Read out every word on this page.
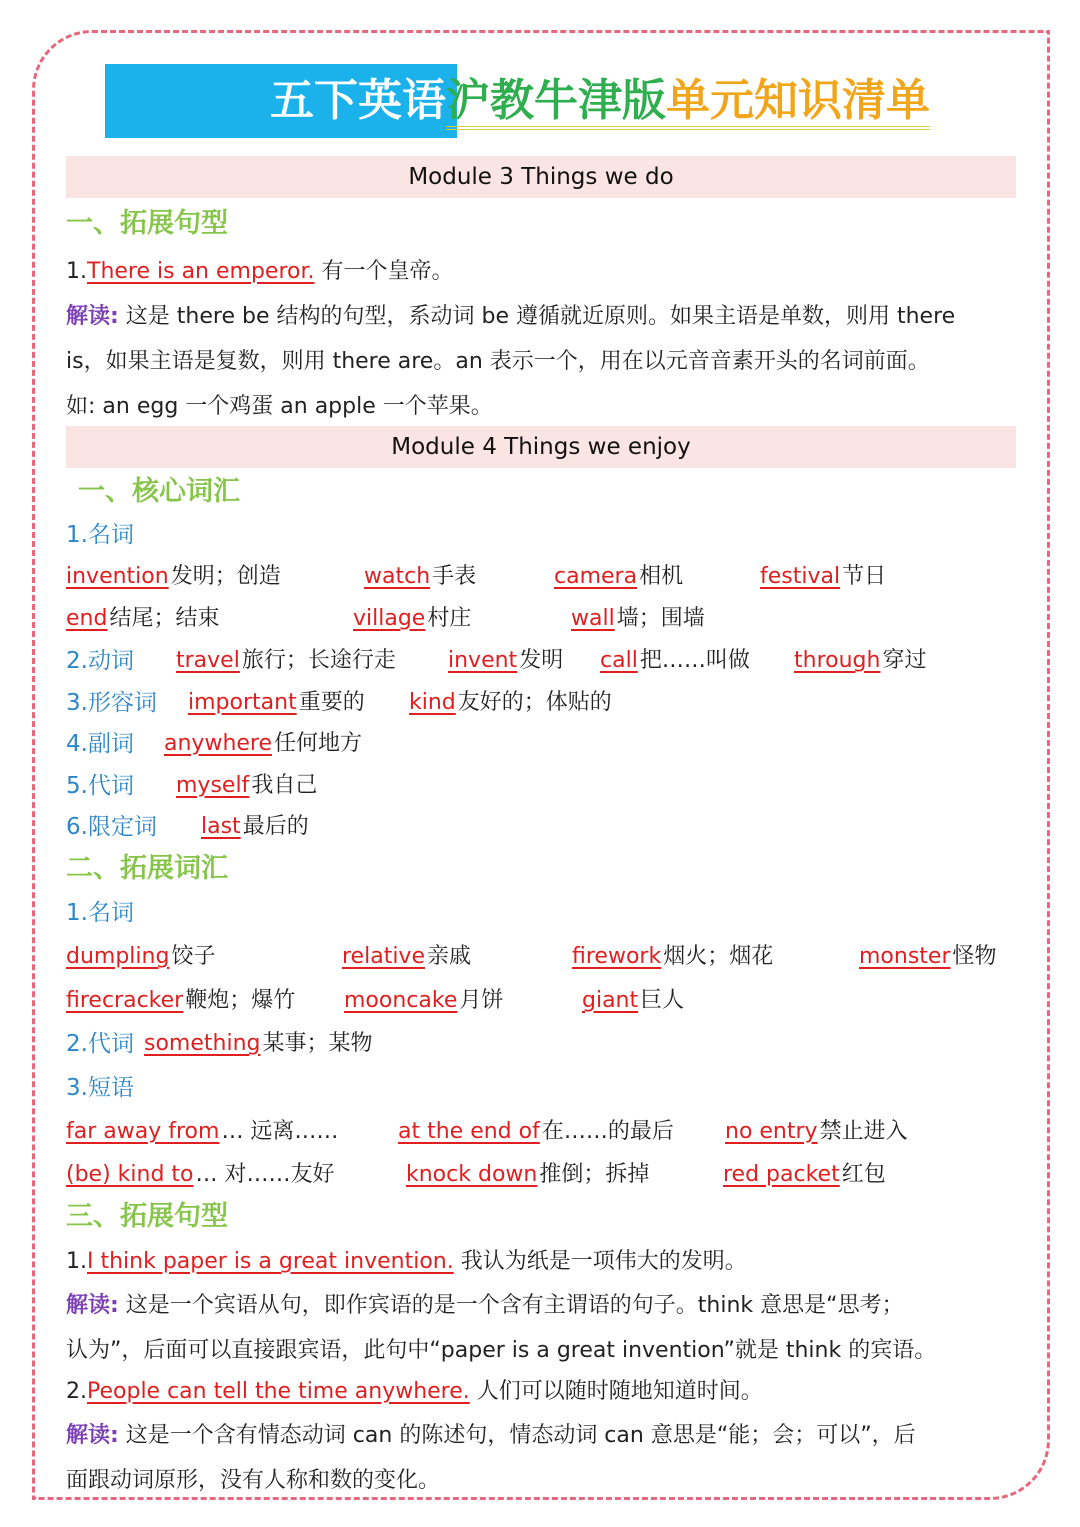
五下英语沪教牛津版单元知识清单
Module 3 Things we do
一、拓展句型
1.There is an emperor. 有一个皇帝。
解读: 这是 there be 结构的句型，系动词 be 遵循就近原则。如果主语是单数，则用 there
is，如果主语是复数，则用 there are。an 表示一个，用在以元音音素开头的名词前面。
如: an egg 一个鸡蛋 an apple 一个苹果。
Module 4 Things we enjoy
一、核心词汇
1.名词
invention发明；创造	watch手表	camera相机	festival节日
end结尾；结束	village村庄	wall墙；围墙
2.动词 travel旅行；长途行走 invent发明 call把……叫做 through穿过
3.形容词 important重要的 kind友好的；体贴的
4.副词 anywhere任何地方
5.代词 myself我自己
6.限定词 last最后的
二、拓展词汇
1.名词
dumpling饺子	relative亲戚	firework烟火；烟花	monster怪物
firecracker鞭炮；爆竹 mooncake月饼	giant巨人
2.代词 something某事；某物
3.短语
far away from… 远离……	at the end of在……的最后 no entry禁止进入
(be) kind to… 对……友好	knock down推倒；拆掉	red packet红包
三、拓展句型
1.I think paper is a great invention. 我认为纸是一项伟大的发明。
解读: 这是一个宾语从句，即作宾语的是一个含有主谓语的句子。think 意思是“思考；
认为”，后面可以直接跟宾语，此句中“paper is a great invention”就是 think 的宾语。
2.People can tell the time anywhere. 人们可以随时随地知道时间。
解读: 这是一个含有情态动词 can 的陈述句，情态动词 can 意思是“能；会；可以”，后
面跟动词原形，没有人称和数的变化。
